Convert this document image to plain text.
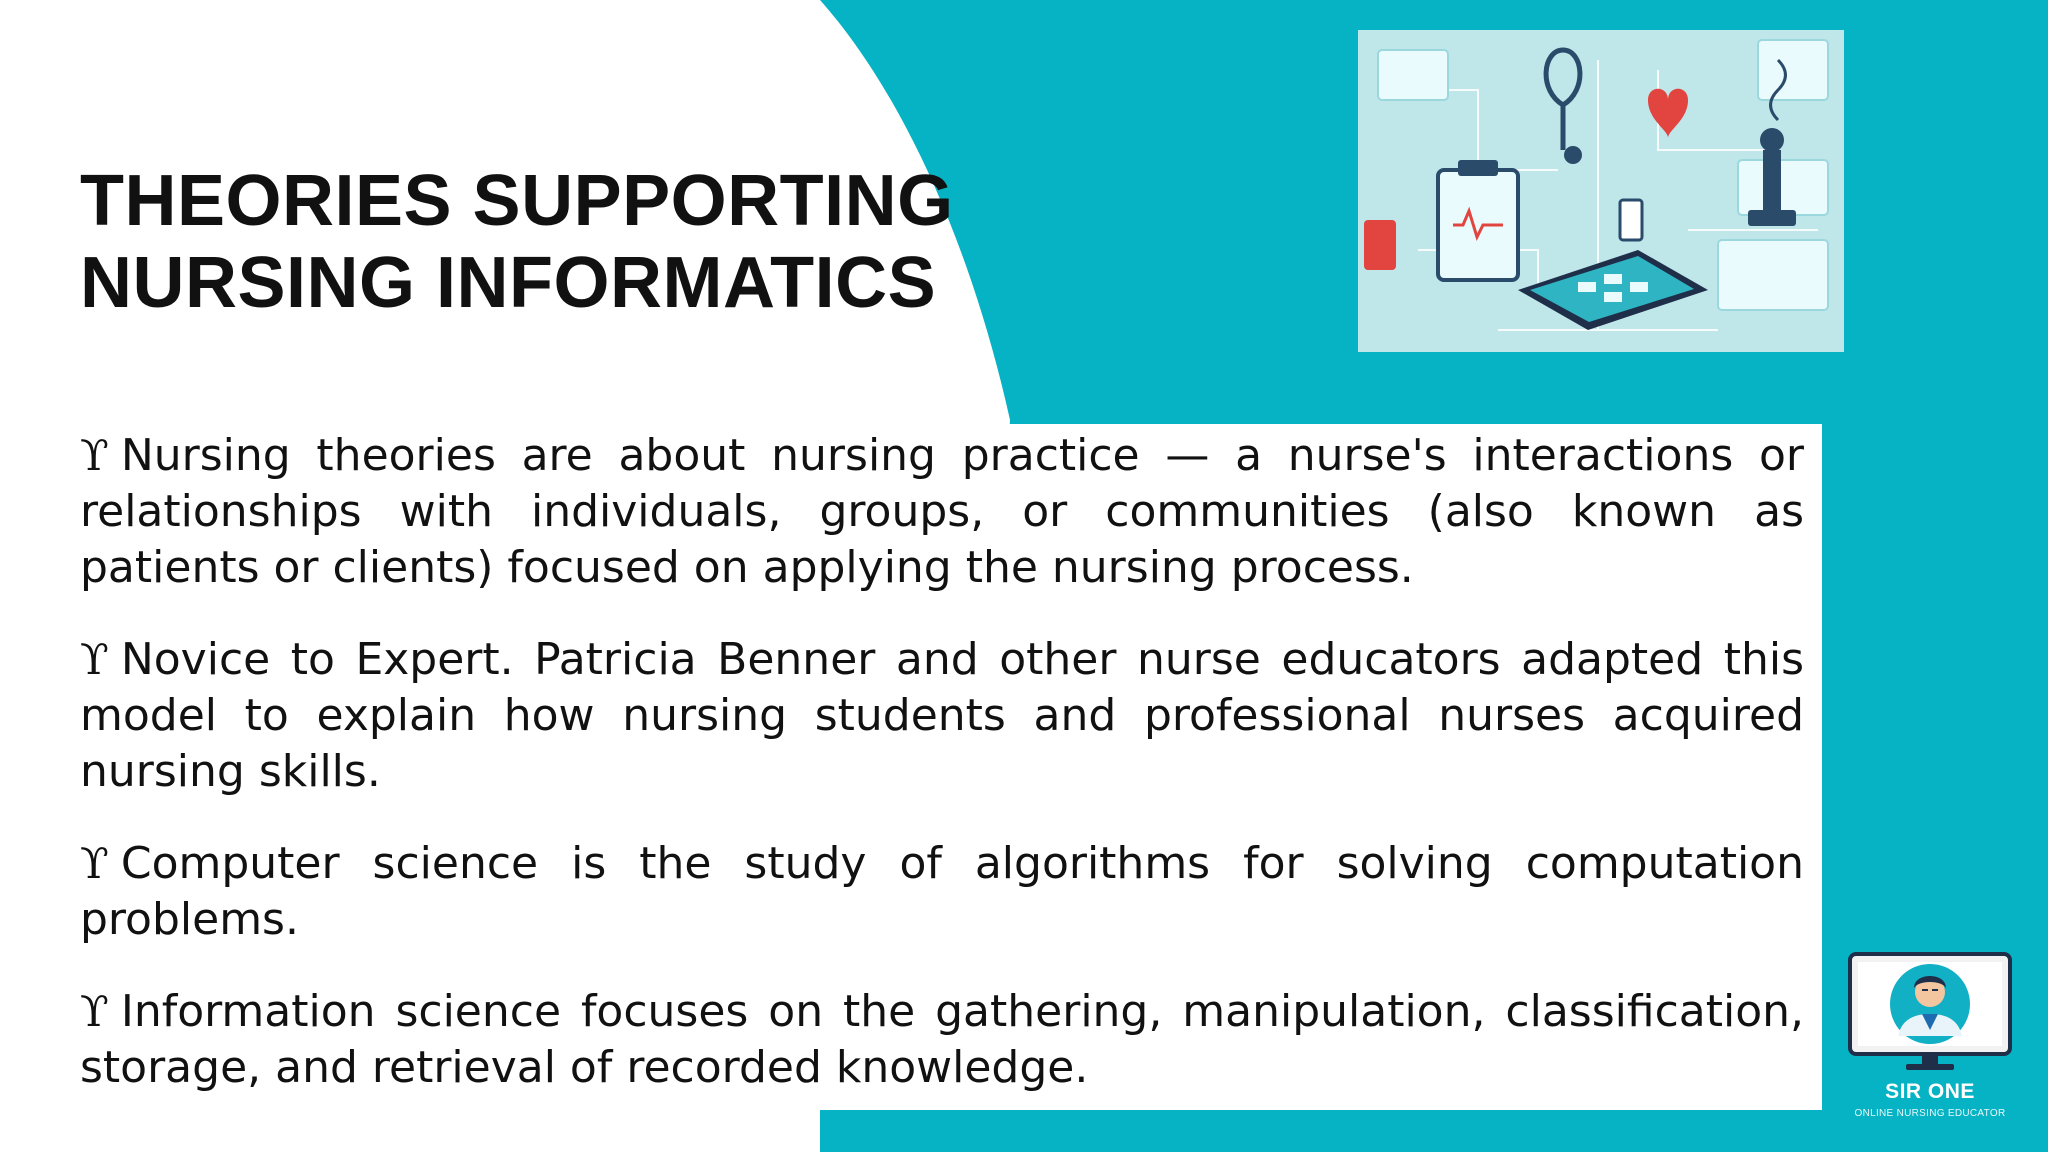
THEORIES SUPPORTING
NURSING INFORMATICS

ϒ Nursing theories are about nursing practice — a nurse's interactions or relationships with individuals, groups, or communities (also known as patients or clients) focused on applying the nursing process.

ϒ Novice to Expert. Patricia Benner and other nurse educators adapted this model to explain how nursing students and professional nurses acquired nursing skills.

ϒ Computer science is the study of algorithms for solving computation problems.

ϒ Information science focuses on the gathering, manipulation, classification, storage, and retrieval of recorded knowledge.	SIR ONE
ONLINE NURSING EDUCATOR
